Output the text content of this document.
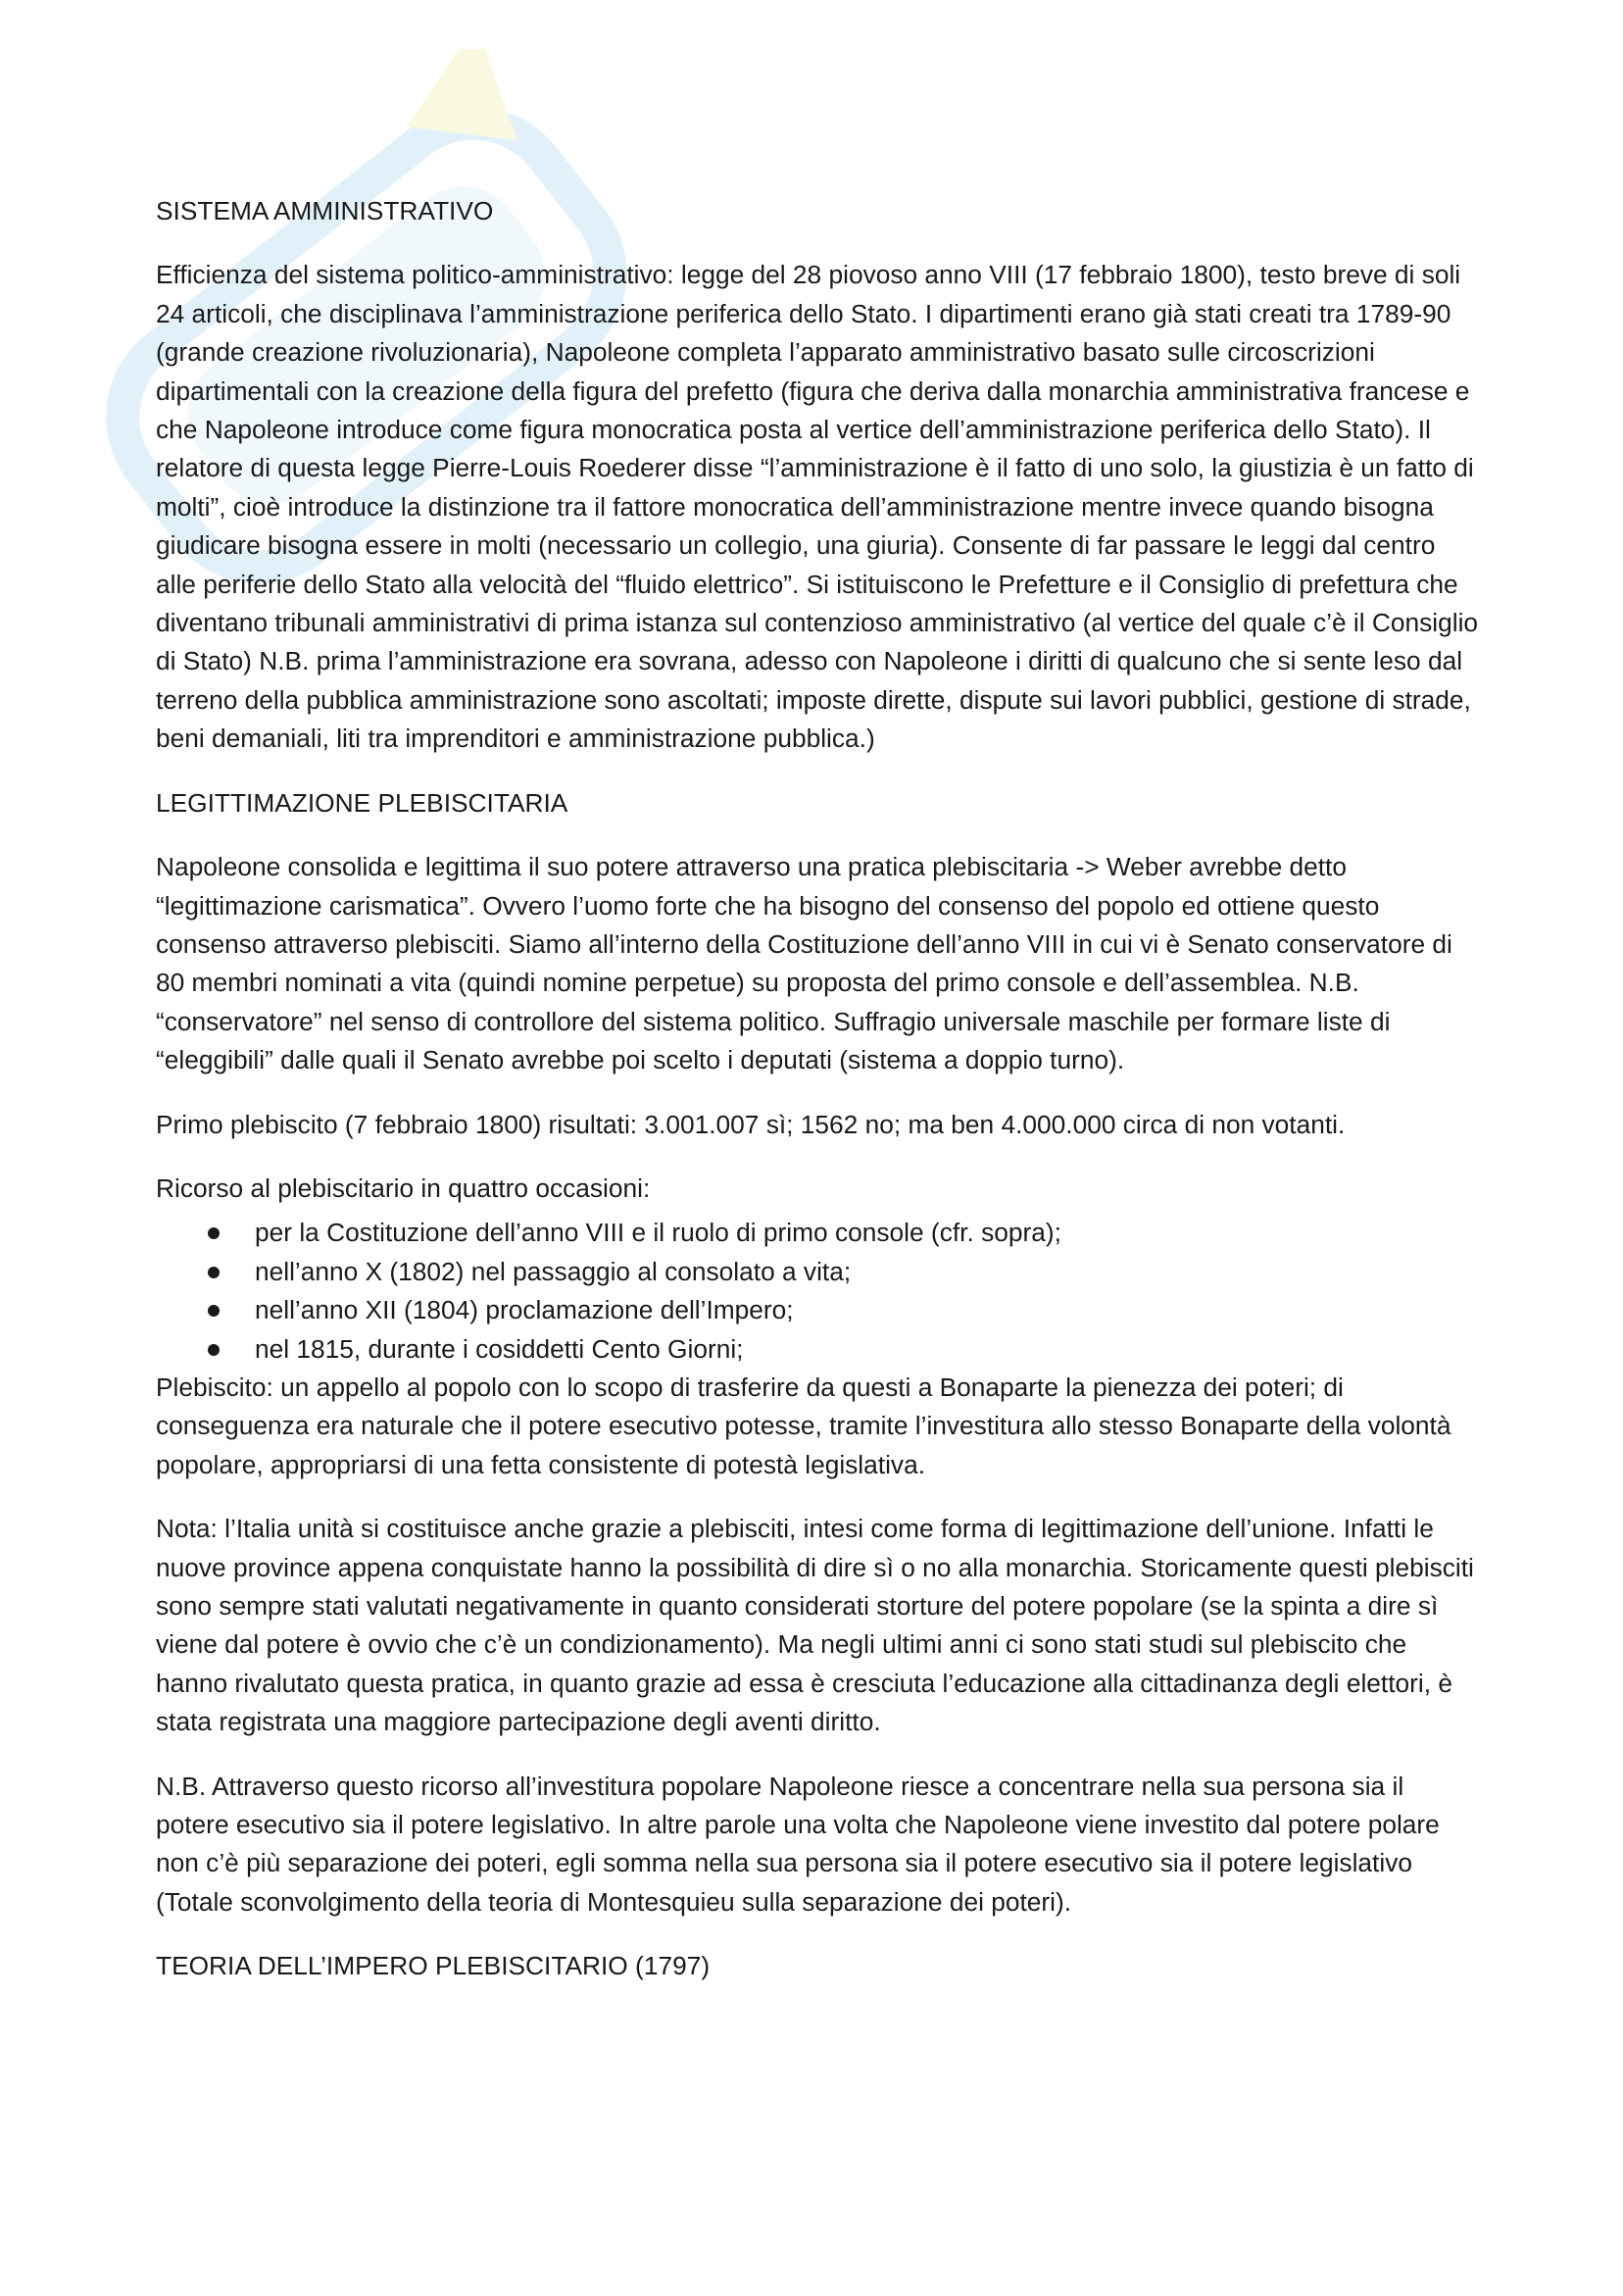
SISTEMA AMMINISTRATIVO

Efficienza del sistema politico-amministrativo: legge del 28 piovoso anno VIII (17 febbraio 1800), testo breve di soli 24 articoli, che disciplinava l’amministrazione periferica dello Stato. I dipartimenti erano già stati creati tra 1789-90 (grande creazione rivoluzionaria), Napoleone completa l’apparato amministrativo basato sulle circoscrizioni dipartimentali con la creazione della figura del prefetto (figura che deriva dalla monarchia amministrativa francese e che Napoleone introduce come figura monocratica posta al vertice dell’amministrazione periferica dello Stato). Il relatore di questa legge Pierre-Louis Roederer disse “l’amministrazione è il fatto di uno solo, la giustizia è un fatto di molti”, cioè introduce la distinzione tra il fattore monocratica dell’amministrazione mentre invece quando bisogna giudicare bisogna essere in molti (necessario un collegio, una giuria). Consente di far passare le leggi dal centro alle periferie dello Stato alla velocità del “fluido elettrico”. Si istituiscono le Prefetture e il Consiglio di prefettura che diventano tribunali amministrativi di prima istanza sul contenzioso amministrativo (al vertice del quale c’è il Consiglio di Stato) N.B. prima l’amministrazione era sovrana, adesso con Napoleone i diritti di qualcuno che si sente leso dal terreno della pubblica amministrazione sono ascoltati; imposte dirette, dispute sui lavori pubblici, gestione di strade, beni demaniali, liti tra imprenditori e amministrazione pubblica.)

LEGITTIMAZIONE PLEBISCITARIA

Napoleone consolida e legittima il suo potere attraverso una pratica plebiscitaria -> Weber avrebbe detto “legittimazione carismatica”. Ovvero l’uomo forte che ha bisogno del consenso del popolo ed ottiene questo consenso attraverso plebisciti. Siamo all’interno della Costituzione dell’anno VIII in cui vi è Senato conservatore di 80 membri nominati a vita (quindi nomine perpetue) su proposta del primo console e dell’assemblea. N.B. “conservatore” nel senso di controllore del sistema politico. Suffragio universale maschile per formare liste di “eleggibili” dalle quali il Senato avrebbe poi scelto i deputati (sistema a doppio turno).

Primo plebiscito (7 febbraio 1800) risultati: 3.001.007 sì; 1562 no; ma ben 4.000.000 circa di non votanti.

Ricorso al plebiscitario in quattro occasioni:

per la Costituzione dell’anno VIII e il ruolo di primo console (cfr. sopra);
nell’anno X (1802) nel passaggio al consolato a vita;
nell’anno XII (1804) proclamazione dell’Impero;
nel 1815, durante i cosiddetti Cento Giorni;

Plebiscito: un appello al popolo con lo scopo di trasferire da questi a Bonaparte la pienezza dei poteri; di conseguenza era naturale che il potere esecutivo potesse, tramite l’investitura allo stesso Bonaparte della volontà popolare, appropriarsi di una fetta consistente di potestà legislativa.

Nota: l’Italia unità si costituisce anche grazie a plebisciti, intesi come forma di legittimazione dell’unione. Infatti le nuove province appena conquistate hanno la possibilità di dire sì o no alla monarchia. Storicamente questi plebisciti sono sempre stati valutati negativamente in quanto considerati storture del potere popolare (se la spinta a dire sì viene dal potere è ovvio che c’è un condizionamento). Ma negli ultimi anni ci sono stati studi sul plebiscito che hanno rivalutato questa pratica, in quanto grazie ad essa è cresciuta l’educazione alla cittadinanza degli elettori, è stata registrata una maggiore partecipazione degli aventi diritto.

N.B. Attraverso questo ricorso all’investitura popolare Napoleone riesce a concentrare nella sua persona sia il potere esecutivo sia il potere legislativo. In altre parole una volta che Napoleone viene investito dal potere polare non c’è più separazione dei poteri, egli somma nella sua persona sia il potere esecutivo sia il potere legislativo (Totale sconvolgimento della teoria di Montesquieu sulla separazione dei poteri).

TEORIA DELL’IMPERO PLEBISCITARIO (1797)
